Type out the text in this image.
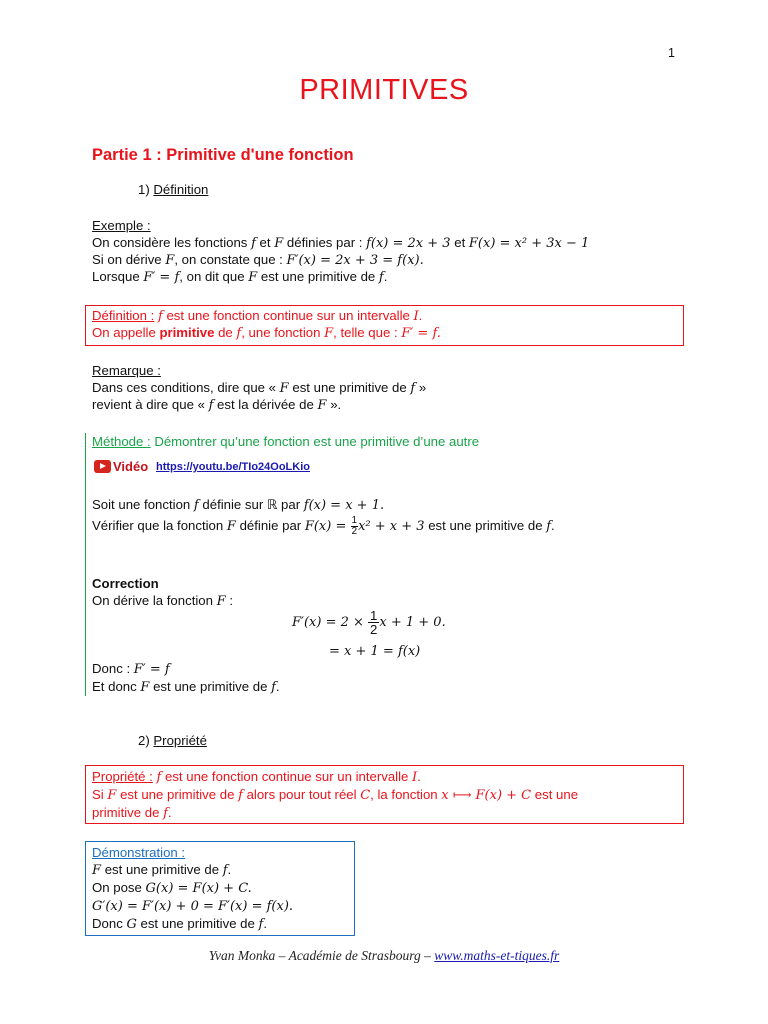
1
PRIMITIVES
Partie 1 : Primitive d'une fonction
1) Définition
Exemple :
On considère les fonctions f et F définies par : f(x) = 2x + 3 et F(x) = x² + 3x − 1
Si on dérive F, on constate que : F′(x) = 2x + 3 = f(x).
Lorsque F′ = f, on dit que F est une primitive de f.
Définition : f est une fonction continue sur un intervalle I.
On appelle primitive de f, une fonction F, telle que : F′ = f.
Remarque :
Dans ces conditions, dire que « F est une primitive de f »
revient à dire que « f est la dérivée de F ».
Méthode : Démontrer qu’une fonction est une primitive d’une autre
Vidéo https://youtu.be/TIo24OoLKio
Soit une fonction f définie sur ℝ par f(x) = x + 1.
Vérifier que la fonction F définie par $F(x) = \frac{1}{2} x^2 + x + 3$ est une primitive de f.
Correction
On dérive la fonction F :
$F'(x) = 2 \times \frac{1}{2}$ x + 1 + 0.
= x + 1 = f(x)
Donc : F′ = f
Et donc F est une primitive de f.
2) Propriété
Propriété : f est une fonction continue sur un intervalle I.
Si F est une primitive de f alors pour tout réel C, la fonction x ⟼ F(x) + C est une
primitive de f.
Démonstration :
F est une primitive de f.
On pose G(x) = F(x) + C.
G′(x) = F′(x) + 0 = F′(x) = f(x).
Donc G est une primitive de f.
Yvan Monka – Académie de Strasbourg – www.maths-et-tiques.fr
